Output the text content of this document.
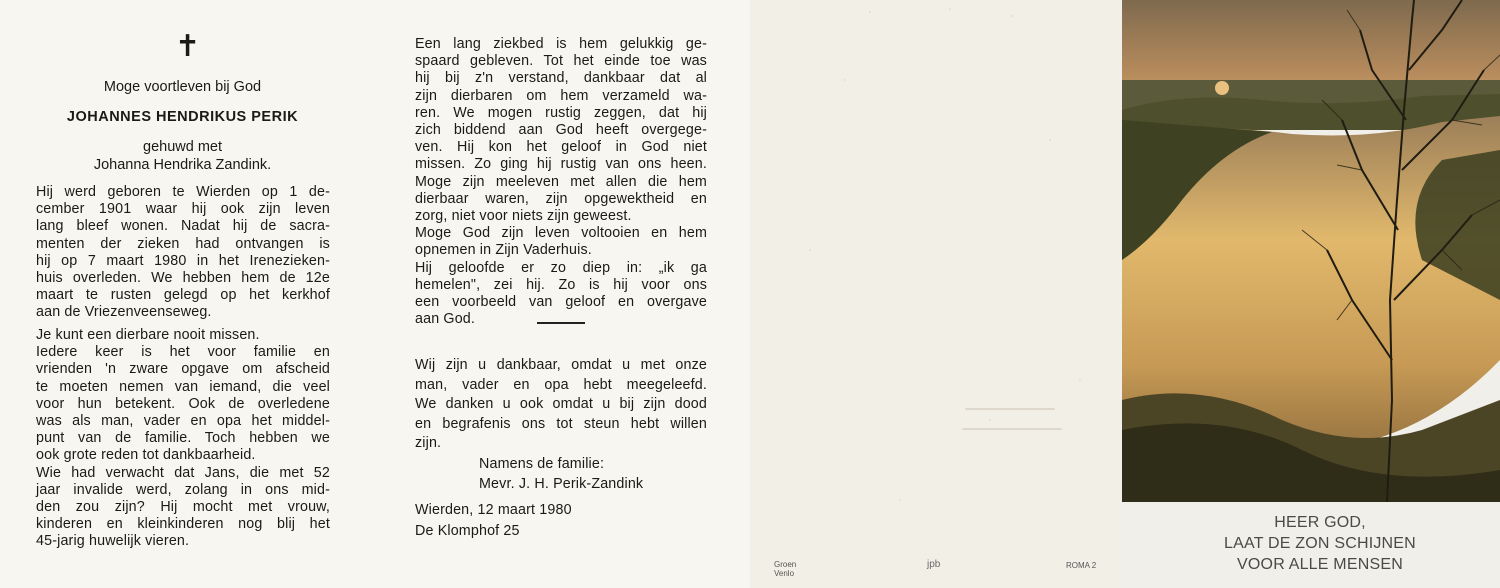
✝
Moge voortleven bij God
JOHANNES HENDRIKUS PERIK
gehuwd met
Johanna Hendrika Zandink.
Hij werd geboren te Wierden op 1 de-
cember 1901 waar hij ook zijn leven
lang bleef wonen. Nadat hij de sacra-
menten der zieken had ontvangen is
hij op 7 maart 1980 in het Irenezieken-
huis overleden. We hebben hem de 12e
maart te rusten gelegd op het kerkhof
aan de Vriezenveenseweg.
Je kunt een dierbare nooit missen.
Iedere keer is het voor familie en
vrienden 'n zware opgave om afscheid
te moeten nemen van iemand, die veel
voor hun betekent. Ook de overledene
was als man, vader en opa het middel-
punt van de familie. Toch hebben we
ook grote reden tot dankbaarheid.
Wie had verwacht dat Jans, die met 52
jaar invalide werd, zolang in ons mid-
den zou zijn? Hij mocht met vrouw,
kinderen en kleinkinderen nog blij het
45-jarig huwelijk vieren.
Een lang ziekbed is hem gelukkig ge-
spaard gebleven. Tot het einde toe was
hij bij z'n verstand, dankbaar dat al
zijn dierbaren om hem verzameld wa-
ren. We mogen rustig zeggen, dat hij
zich biddend aan God heeft overgege-
ven. Hij kon het geloof in God niet
missen. Zo ging hij rustig van ons heen.
Moge zijn meeleven met allen die hem
dierbaar waren, zijn opgewektheid en
zorg, niet voor niets zijn geweest.
Moge God zijn leven voltooien en hem
opnemen in Zijn Vaderhuis.
Hij geloofde er zo diep in: „ik ga
hemelen", zei hij. Zo is hij voor ons
een voorbeeld van geloof en overgave
aan God.
Wij zijn u dankbaar, omdat u met onze
man, vader en opa hebt meegeleefd.
We danken u ook omdat u bij zijn dood
en begrafenis ons tot steun hebt willen
zijn.
Namens de familie:
Mevr. J. H. Perik-Zandink
Wierden, 12 maart 1980
De Klomphof 25
Groen
Venlo
jpb	ROMA 2
HEER GOD,
LAAT DE ZON SCHIJNEN
VOOR ALLE MENSEN
